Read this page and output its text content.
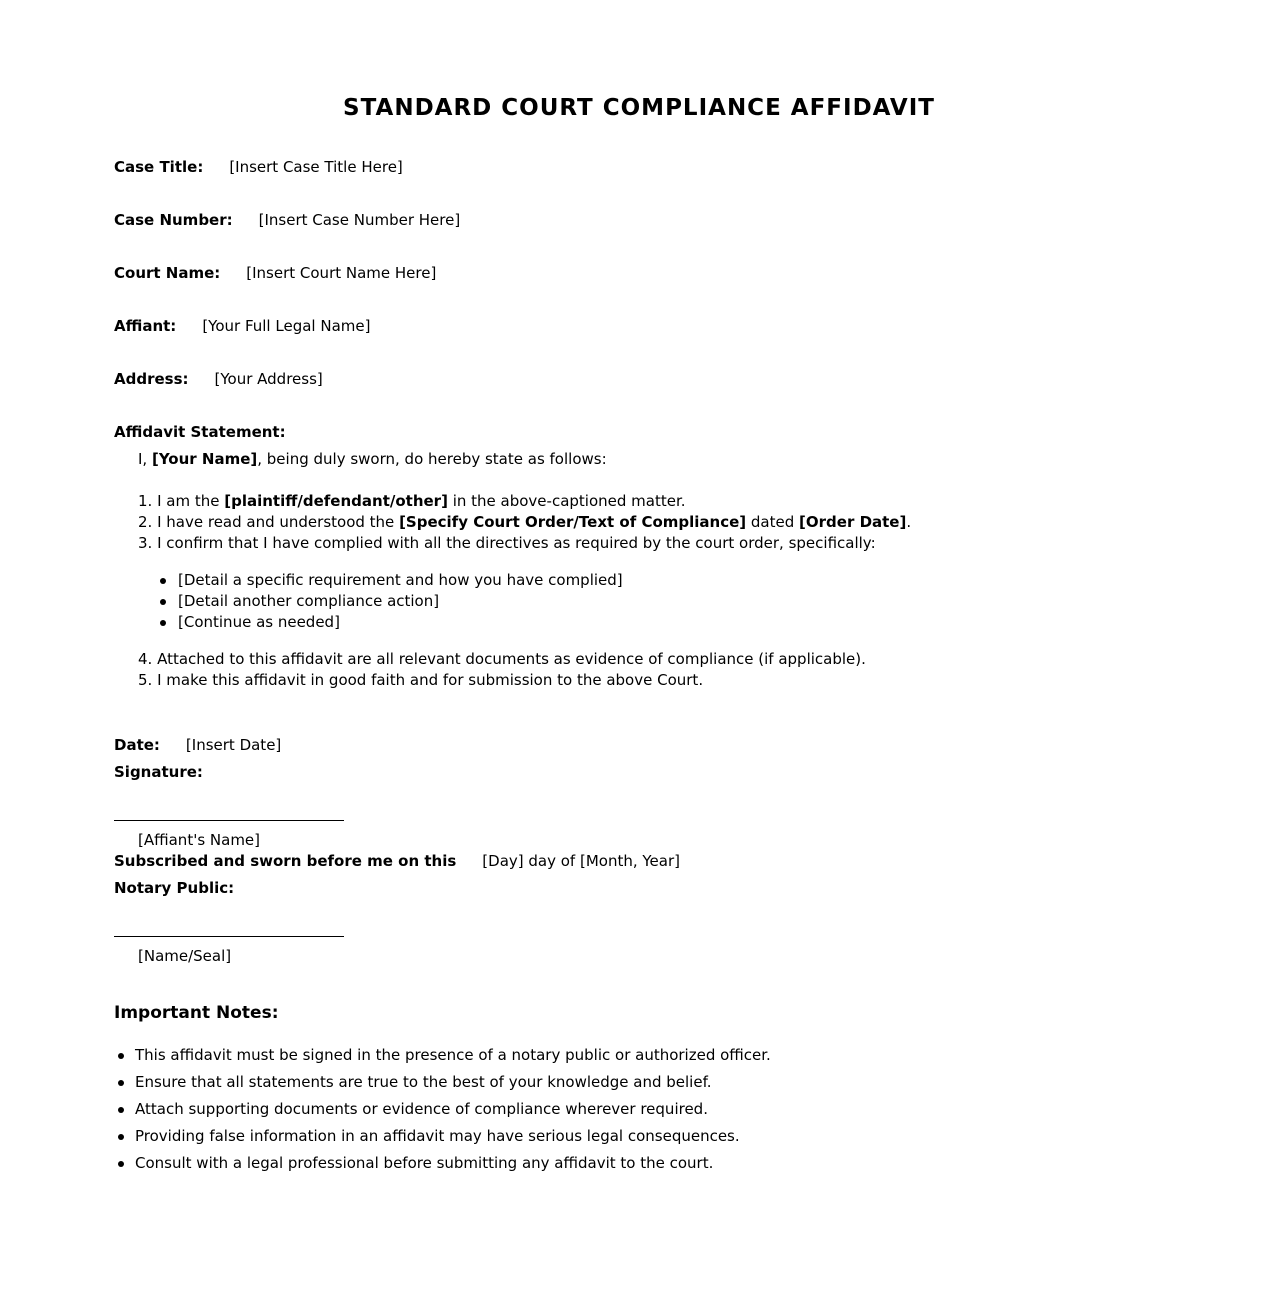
STANDARD COURT COMPLIANCE AFFIDAVIT
Case Title: [Insert Case Title Here]
Case Number: [Insert Case Number Here]
Court Name: [Insert Court Name Here]
Affiant: [Your Full Legal Name]
Address: [Your Address]
Affidavit Statement:
I, [Your Name], being duly sworn, do hereby state as follows:
1. I am the [plaintiff/defendant/other] in the above-captioned matter.
2. I have read and understood the [Specify Court Order/Text of Compliance] dated [Order Date].
3. I confirm that I have complied with all the directives as required by the court order, specifically:
[Detail a specific requirement and how you have complied]
[Detail another compliance action]
[Continue as needed]
4. Attached to this affidavit are all relevant documents as evidence of compliance (if applicable).
5. I make this affidavit in good faith and for submission to the above Court.
Date: [Insert Date]
Signature:
[Affiant's Name]
Subscribed and sworn before me on this [Day] day of [Month, Year]
Notary Public:
[Name/Seal]
Important Notes:
This affidavit must be signed in the presence of a notary public or authorized officer.
Ensure that all statements are true to the best of your knowledge and belief.
Attach supporting documents or evidence of compliance wherever required.
Providing false information in an affidavit may have serious legal consequences.
Consult with a legal professional before submitting any affidavit to the court.
